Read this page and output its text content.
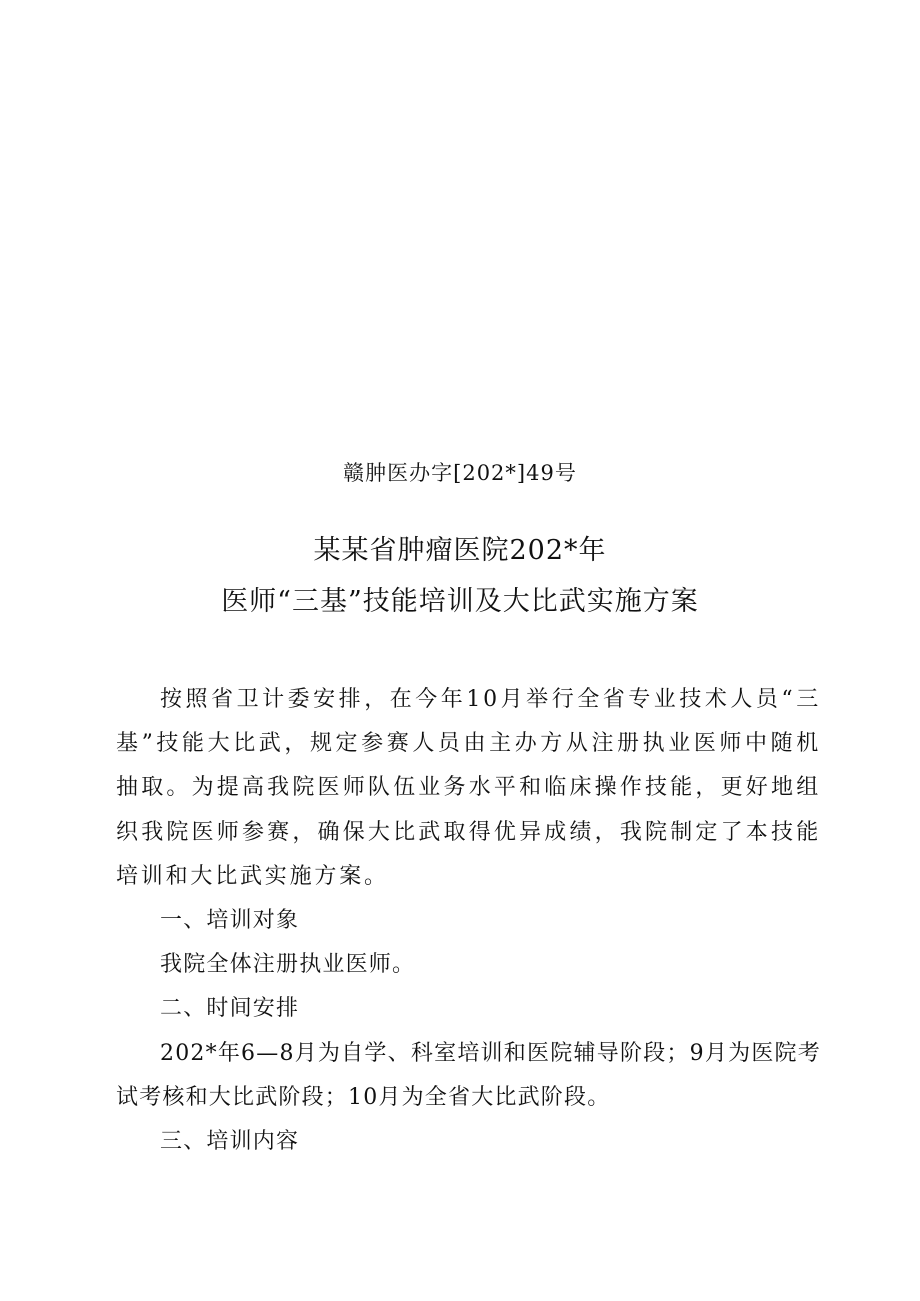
赣肿医办字[202*]49号
某某省肿瘤医院202*年
医师“三基”技能培训及大比武实施方案

按照省卫计委安排，在今年10月举行全省专业技术人员“三基”技能大比武，规定参赛人员由主办方从注册执业医师中随机抽取。为提高我院医师队伍业务水平和临床操作技能，更好地组织我院医师参赛，确保大比武取得优异成绩，我院制定了本技能培训和大比武实施方案。

一、培训对象

我院全体注册执业医师。

二、时间安排

202*年6—8月为自学、科室培训和医院辅导阶段；9月为医院考试考核和大比武阶段；10月为全省大比武阶段。

三、培训内容
